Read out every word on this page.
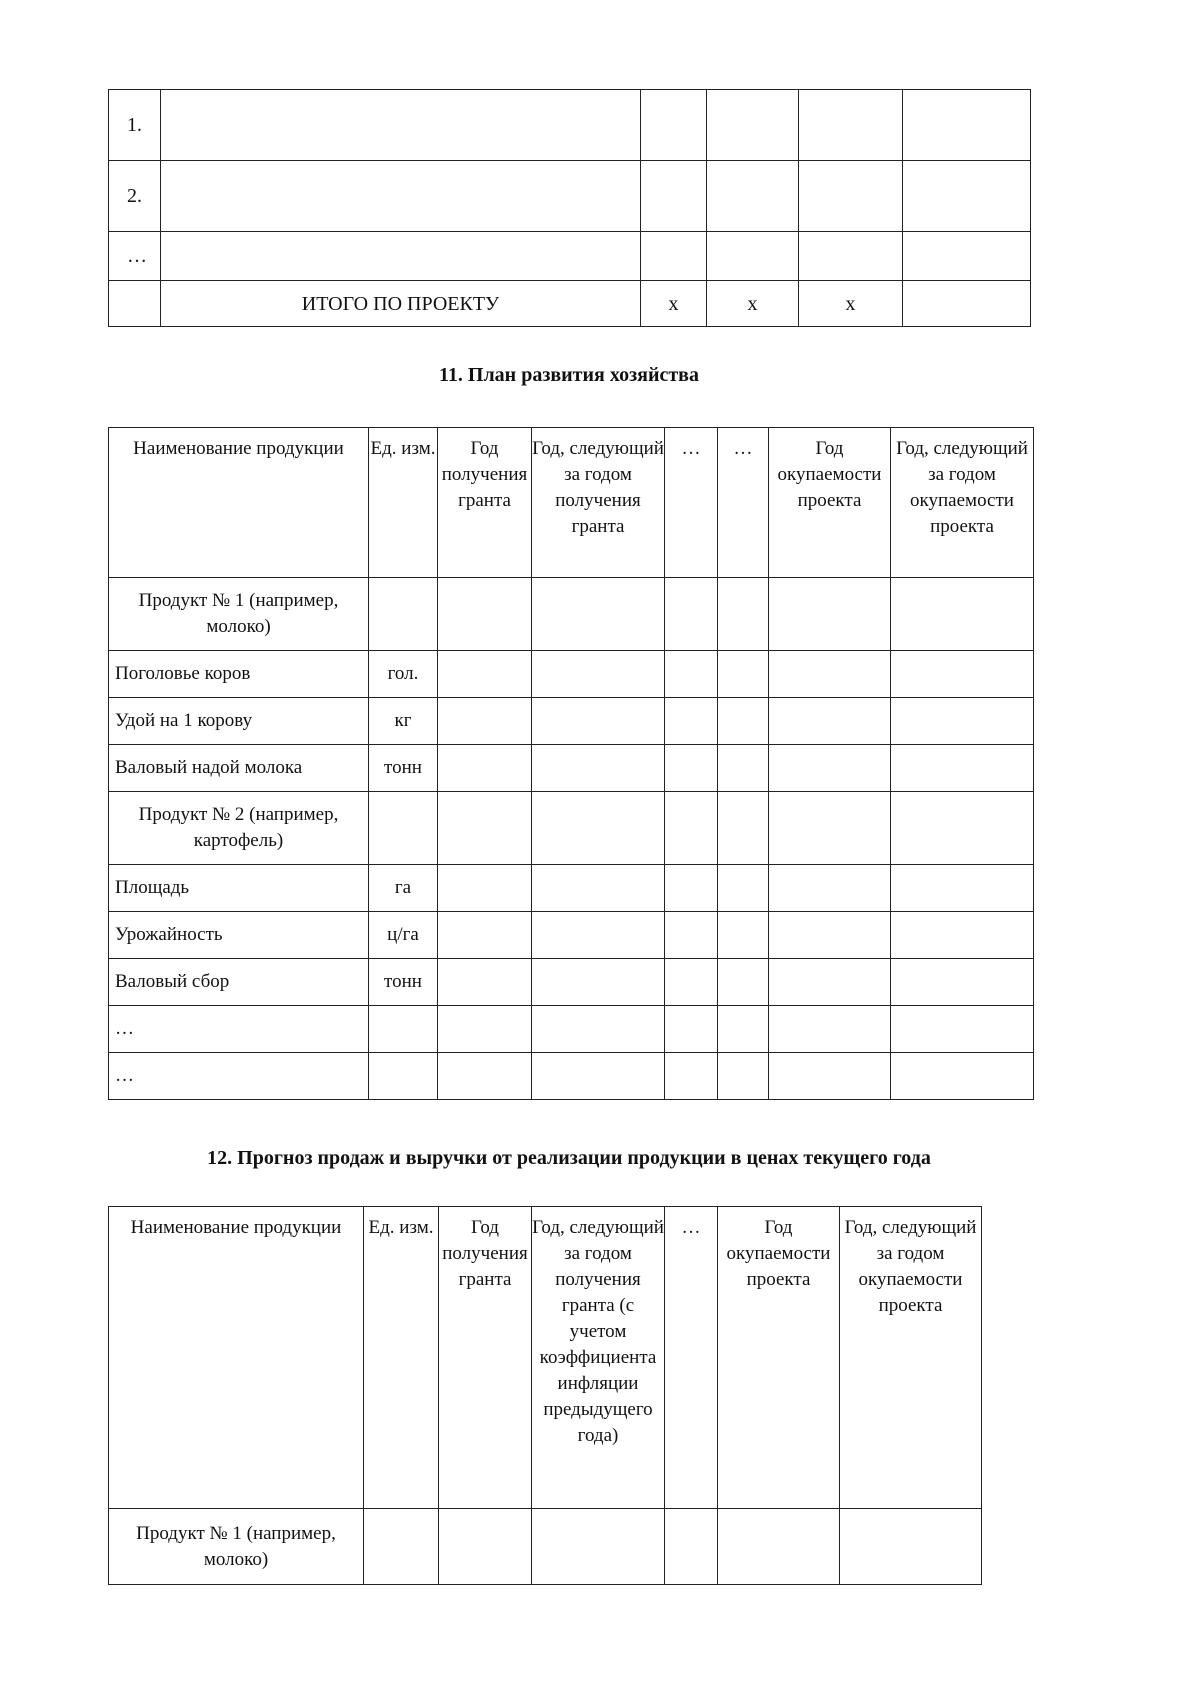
1.					
2.					
…					
	ИТОГО ПО ПРОЕКТУ	х	х	х	
11. План развития хозяйства
Наименование продукции	Ед. изм.	Год получения гранта	Год, следующий за годом получения гранта	…	…	Год окупаемости проекта	Год, следующий за годом окупаемости проекта
Продукт № 1 (например, молоко)							
Поголовье коров	гол.						
Удой на 1 корову	кг						
Валовый надой молока	тонн						
Продукт № 2 (например, картофель)							
Площадь	га						
Урожайность	ц/га						
Валовый сбор	тонн						
…							
…							
12. Прогноз продаж и выручки от реализации продукции в ценах текущего года
Наименование продукции	Ед. изм.	Год получения гранта	Год, следующий за годом получения гранта (с учетом коэффициента инфляции предыдущего года)	…	Год окупаемости проекта	Год, следующий за годом окупаемости проекта
Продукт № 1 (например, молоко)						
